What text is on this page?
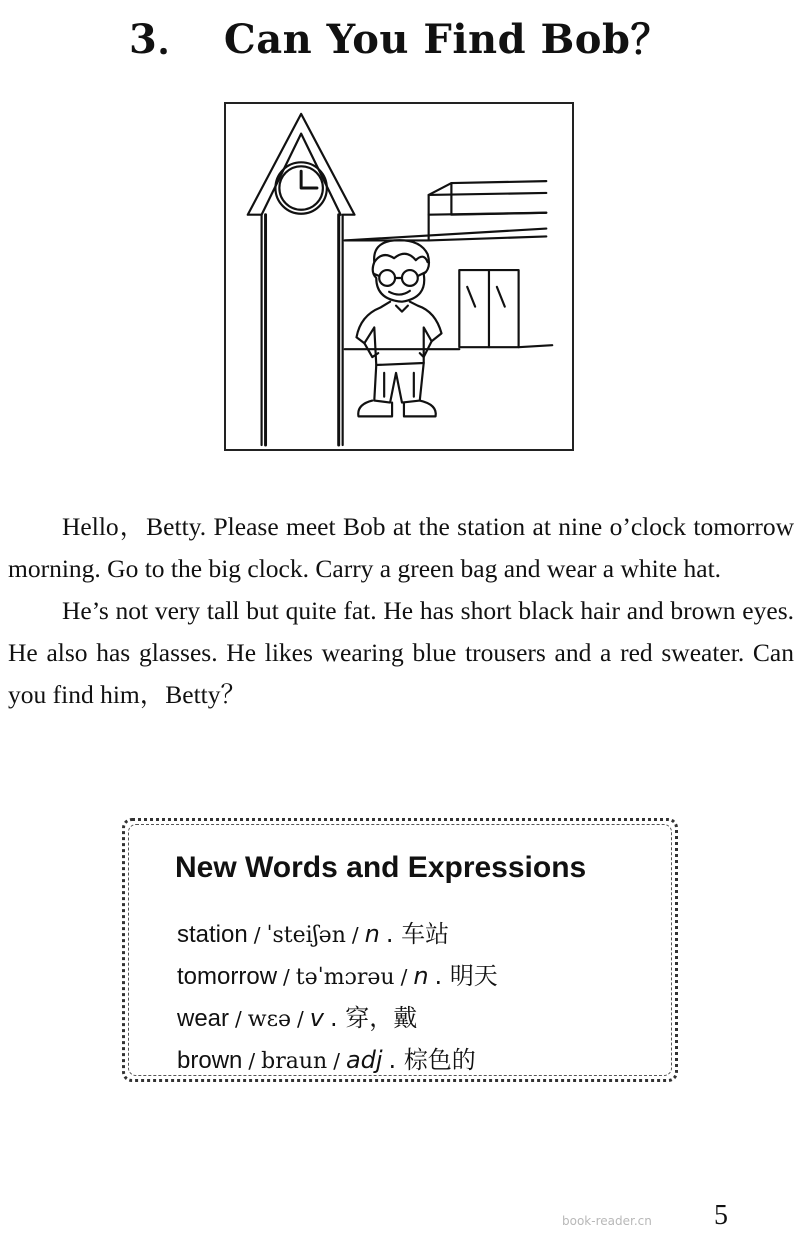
3． Can You Find Bob？

Hello，Betty. Please meet Bob at the station at nine o’clock tomorrow morning. Go to the big clock. Carry a green bag and wear a white hat.

He’s not very tall but quite fat. He has short black hair and brown eyes. He also has glasses. He likes wearing blue trousers and a red sweater. Can you find him，Betty？

New Words and Expressions
station / ˈsteiʃən / n . 车站
tomorrow / təˈmɔrəu / n . 明天
wear / wɛə / v . 穿，戴
brown / braun / adj . 棕色的
book-reader.cn 5
